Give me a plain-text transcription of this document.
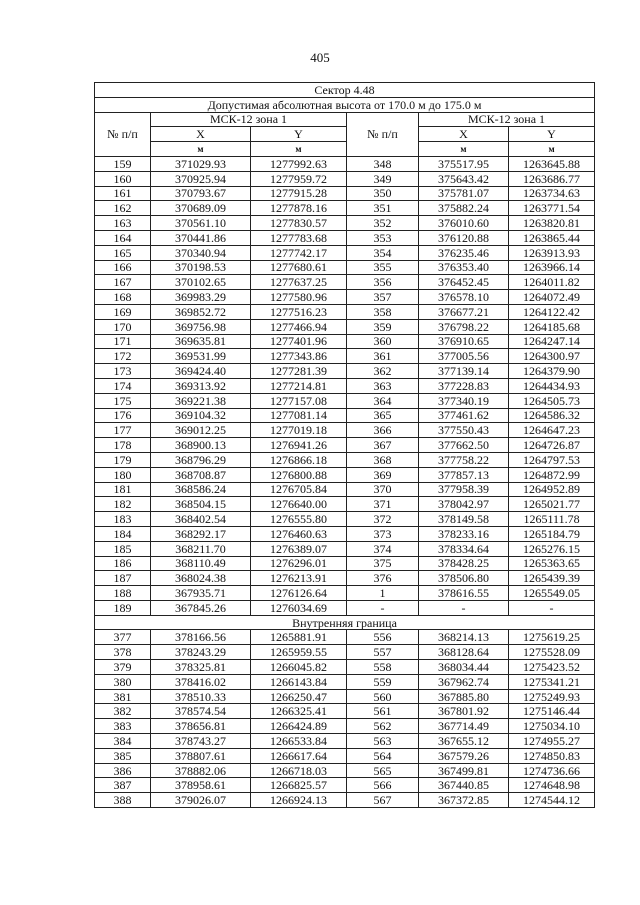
405
Сектор 4.48					
Допустимая абсолютная высота от 170.0 м до 175.0 м					
№ п/п	МСК-12 зона 1		№ п/п	МСК-12 зона 1	
	X	Y		X	Y
	м	м		м	м
159	371029.93	1277992.63	348	375517.95	1263645.88
160	370925.94	1277959.72	349	375643.42	1263686.77
161	370793.67	1277915.28	350	375781.07	1263734.63
162	370689.09	1277878.16	351	375882.24	1263771.54
163	370561.10	1277830.57	352	376010.60	1263820.81
164	370441.86	1277783.68	353	376120.88	1263865.44
165	370340.94	1277742.17	354	376235.46	1263913.93
166	370198.53	1277680.61	355	376353.40	1263966.14
167	370102.65	1277637.25	356	376452.45	1264011.82
168	369983.29	1277580.96	357	376578.10	1264072.49
169	369852.72	1277516.23	358	376677.21	1264122.42
170	369756.98	1277466.94	359	376798.22	1264185.68
171	369635.81	1277401.96	360	376910.65	1264247.14
172	369531.99	1277343.86	361	377005.56	1264300.97
173	369424.40	1277281.39	362	377139.14	1264379.90
174	369313.92	1277214.81	363	377228.83	1264434.93
175	369221.38	1277157.08	364	377340.19	1264505.73
176	369104.32	1277081.14	365	377461.62	1264586.32
177	369012.25	1277019.18	366	377550.43	1264647.23
178	368900.13	1276941.26	367	377662.50	1264726.87
179	368796.29	1276866.18	368	377758.22	1264797.53
180	368708.87	1276800.88	369	377857.13	1264872.99
181	368586.24	1276705.84	370	377958.39	1264952.89
182	368504.15	1276640.00	371	378042.97	1265021.77
183	368402.54	1276555.80	372	378149.58	1265111.78
184	368292.17	1276460.63	373	378233.16	1265184.79
185	368211.70	1276389.07	374	378334.64	1265276.15
186	368110.49	1276296.01	375	378428.25	1265363.65
187	368024.38	1276213.91	376	378506.80	1265439.39
188	367935.71	1276126.64	1	378616.55	1265549.05
189	367845.26	1276034.69	-	-	-
Внутренняя граница					
377	378166.56	1265881.91	556	368214.13	1275619.25
378	378243.29	1265959.55	557	368128.64	1275528.09
379	378325.81	1266045.82	558	368034.44	1275423.52
380	378416.02	1266143.84	559	367962.74	1275341.21
381	378510.33	1266250.47	560	367885.80	1275249.93
382	378574.54	1266325.41	561	367801.92	1275146.44
383	378656.81	1266424.89	562	367714.49	1275034.10
384	378743.27	1266533.84	563	367655.12	1274955.27
385	378807.61	1266617.64	564	367579.26	1274850.83
386	378882.06	1266718.03	565	367499.81	1274736.66
387	378958.61	1266825.57	566	367440.85	1274648.98
388	379026.07	1266924.13	567	367372.85	1274544.12
